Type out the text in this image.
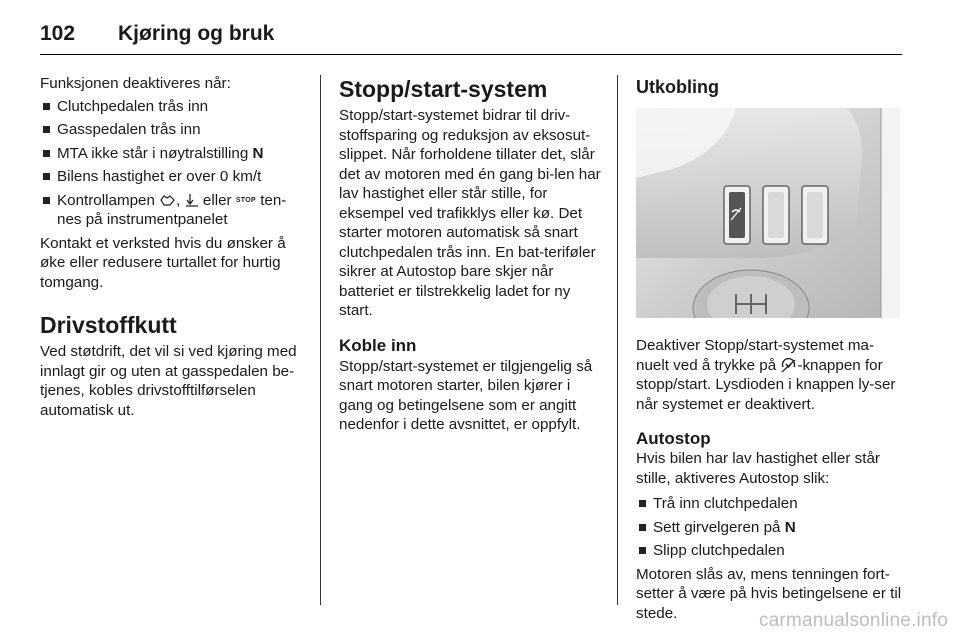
102 Kjøring og bruk

Funksjonen deaktiveres når:

Clutchpedalen trås inn
Gasspedalen trås inn
MTA ikke står i nøytralstilling N
Bilens hastighet er over 0 km/t
Kontrollampen , eller STOP ten-
nes på instrumentpanelet

Kontakt et verksted hvis du ønsker å øke eller redusere turtallet for hurtig tomgang.

Drivstoffkutt

Ved støtdrift, det vil si ved kjøring med innlagt gir og uten at gasspedalen be-tjenes, kobles drivstofftilførselen automatisk ut.

Stopp/start-system

Stopp/start-systemet bidrar til driv-stoffsparing og reduksjon av eksosut-slippet. Når forholdene tillater det, slår det av motoren med én gang bi-len har lav hastighet eller står stille, for eksempel ved trafikklys eller kø. Det starter motoren automatisk så snart clutchpedalen trås inn. En bat-teriføler sikrer at Autostop bare skjer når batteriet er tilstrekkelig ladet for ny start.

Koble inn

Stopp/start-systemet er tilgjengelig så snart motoren starter, bilen kjører i gang og betingelsene som er angitt nedenfor i dette avsnittet, er oppfylt.

Utkobling

Deaktiver Stopp/start-systemet ma-nuelt ved å trykke på -knappen for stopp/start. Lysdioden i knappen ly-ser når systemet er deaktivert.

Autostop

Hvis bilen har lav hastighet eller står stille, aktiveres Autostop slik:

Trå inn clutchpedalen
Sett girvelgeren på N
Slipp clutchpedalen

Motoren slås av, mens tenningen fort-setter å være på hvis betingelsene er til stede.	carmanualsonline.info
